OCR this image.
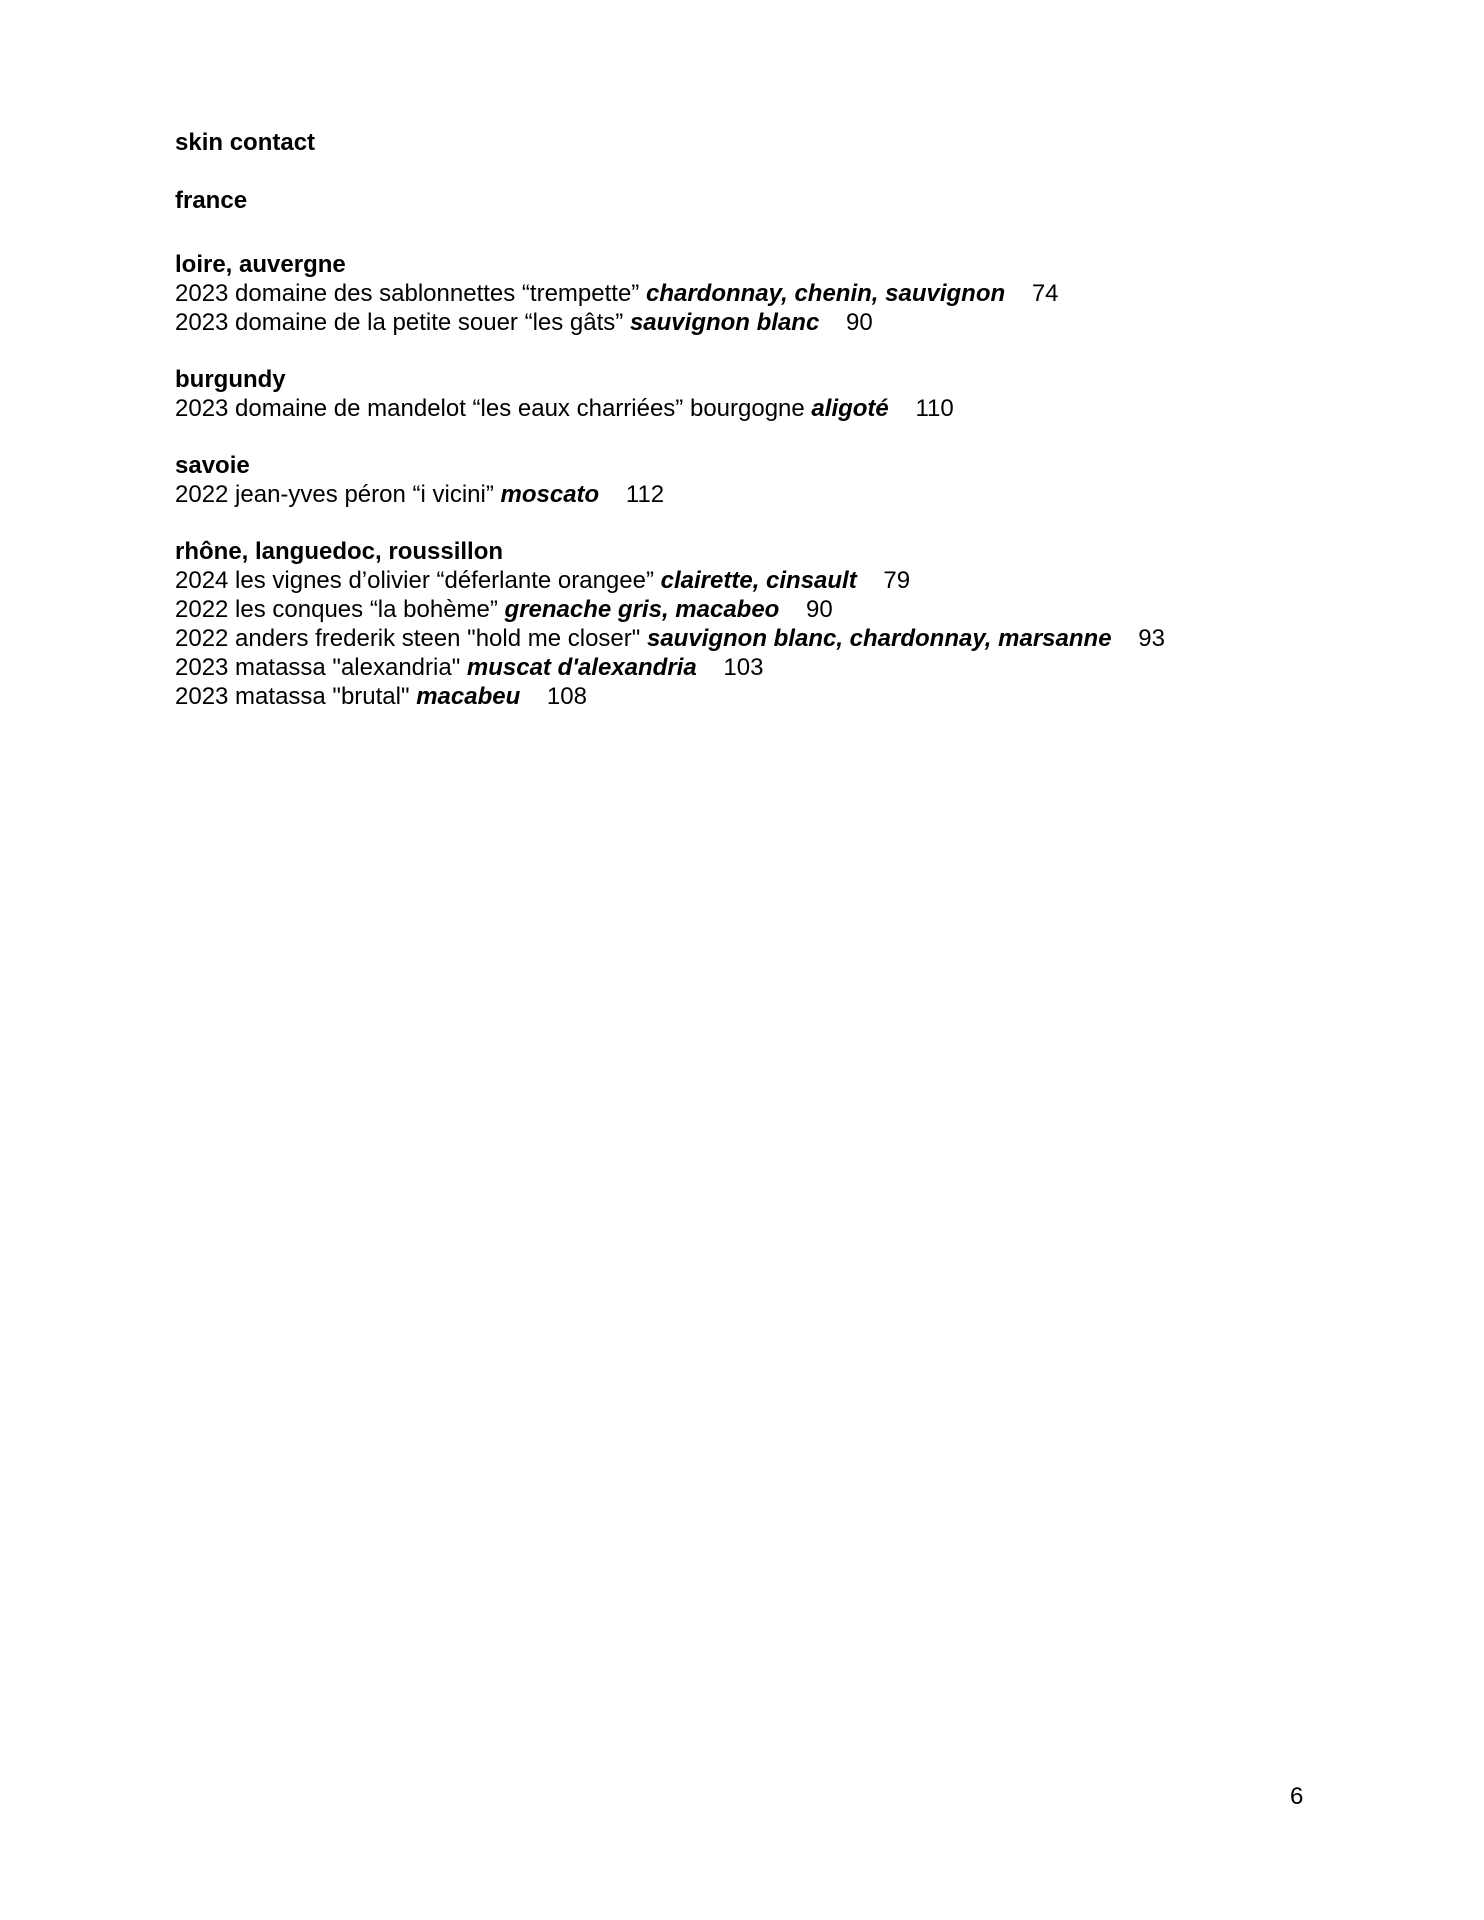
skin contact
france
loire, auvergne
2023 domaine des sablonnettes “trempette” chardonnay, chenin, sauvignon 74
2023 domaine de la petite souer “les gâts” sauvignon blanc 90
burgundy
2023 domaine de mandelot “les eaux charriées” bourgogne aligoté 110
savoie
2022 jean-yves péron “i vicini” moscato 112
rhône, languedoc, roussillon
2024 les vignes d’olivier “déferlante orangee” clairette, cinsault 79
2022 les conques “la bohème” grenache gris, macabeo 90
2022 anders frederik steen "hold me closer" sauvignon blanc, chardonnay, marsanne 93
2023 matassa "alexandria" muscat d'alexandria 103
2023 matassa "brutal" macabeu 108
6
